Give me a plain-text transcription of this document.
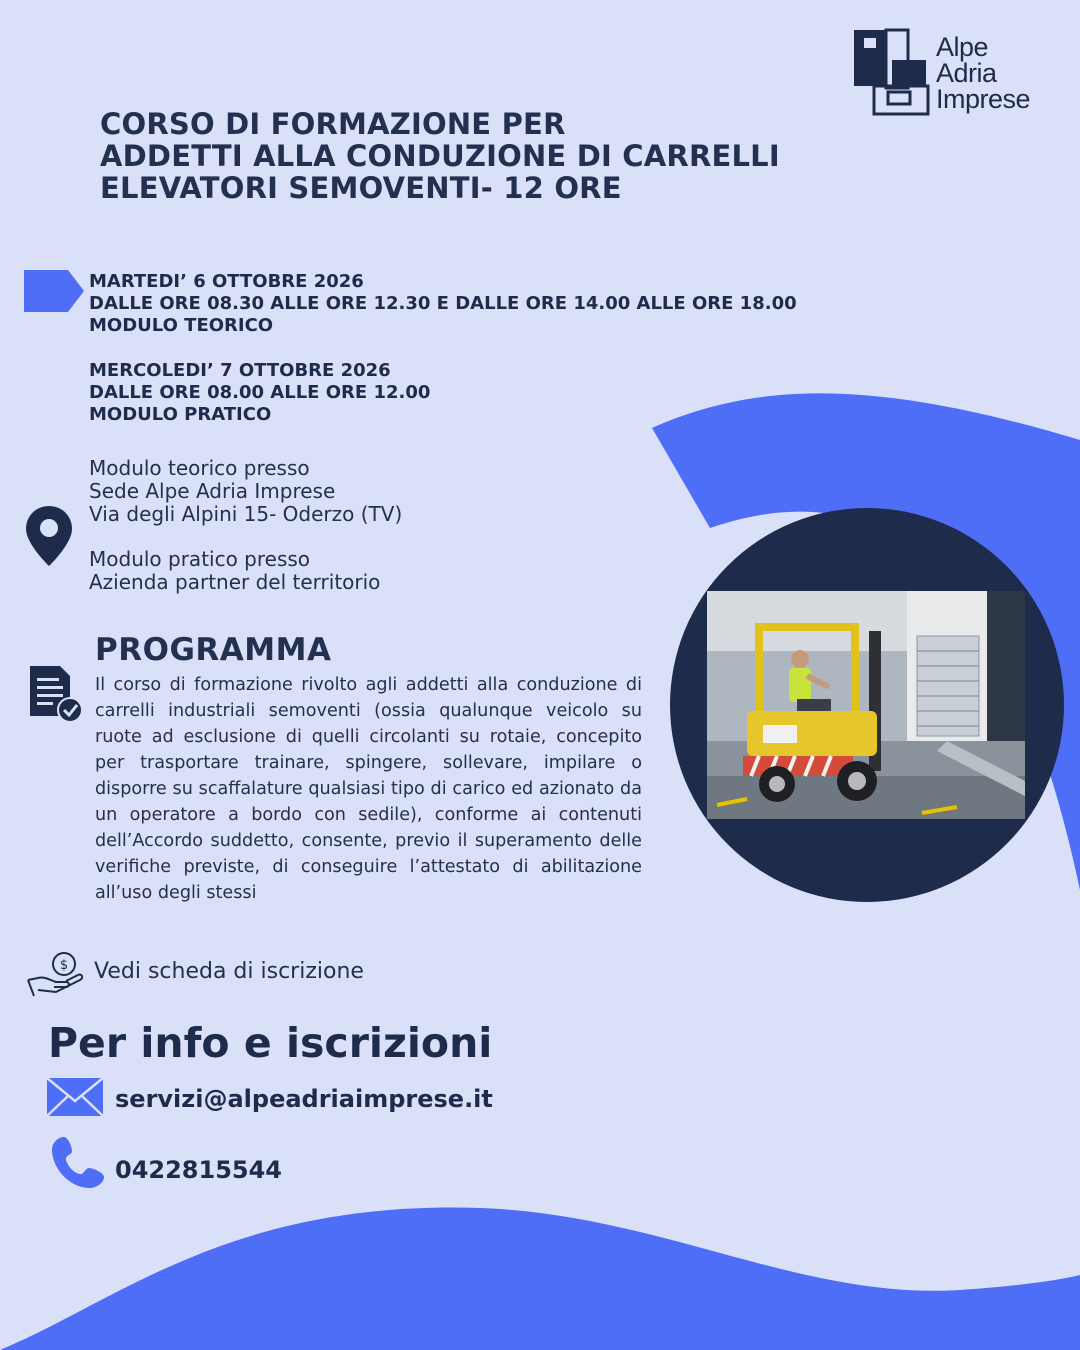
Alpe
Adria
Imprese
CORSO DI FORMAZIONE PER
ADDETTI ALLA CONDUZIONE DI CARRELLI
ELEVATORI SEMOVENTI- 12 ORE
MARTEDI’ 6 OTTOBRE 2026
DALLE ORE 08.30 ALLE ORE 12.30 E DALLE ORE 14.00 ALLE ORE 18.00
MODULO TEORICO
MERCOLEDI’ 7 OTTOBRE 2026
DALLE ORE 08.00 ALLE ORE 12.00
MODULO PRATICO
Modulo teorico presso
Sede Alpe Adria Imprese
Via degli Alpini 15- Oderzo (TV)
Modulo pratico presso
Azienda partner del territorio
PROGRAMMA
Il corso di formazione rivolto agli addetti alla conduzione di carrelli industriali semoventi (ossia qualunque veicolo su ruote ad esclusione di quelli circolanti su rotaie, concepito per trasportare trainare, spingere, sollevare, impilare o disporre su scaffalature qualsiasi tipo di carico ed azionato da un operatore a bordo con sedile), conforme ai contenuti dell’Accordo suddetto, consente, previo il superamento delle verifiche previste, di conseguire l’attestato di abilitazione all’uso degli stessi
$ Vedi scheda di iscrizione
Per info e iscrizioni
servizi@alpeadriaimprese.it
0422815544
